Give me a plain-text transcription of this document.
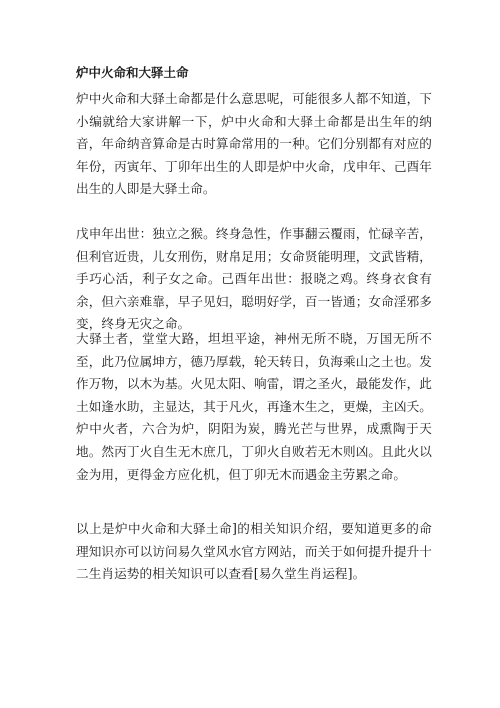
炉中火命和大驿土命

炉中火命和大驿土命都是什么意思呢，可能很多人都不知道，下小编就给大家讲解一下，炉中火命和大驿土命都是出生年的纳音，年命纳音算命是古时算命常用的一种。它们分别都有对应的年份，丙寅年、丁卯年出生的人即是炉中火命，戊申年、己酉年出生的人即是大驿土命。

戊申年出世：独立之猴。终身急性，作事翻云覆雨，忙碌辛苦，但利官近贵，儿女刑伤，财帛足用；女命贤能明理，文武皆精，手巧心活，利子女之命。己酉年出世：报晓之鸡。终身衣食有余，但六亲难靠，早子见妇，聪明好学，百一皆通；女命淫邪多变，终身无灾之命。

大驿土者，堂堂大路，坦坦平途，神州无所不晓，万国无所不至，此乃位属坤方，德乃厚载，轮天转日，负海乘山之土也。发作万物，以木为基。火见太阳、响雷，谓之圣火，最能发作，此土如逢水助，主显达，其于凡火，再逢木生之，更燥，主凶夭。炉中火者，六合为炉，阴阳为炭，腾光芒与世界，成熏陶于天地。然丙丁火自生无木庶几，丁卯火自败若无木则凶。且此火以金为用，更得金方应化机，但丁卯无木而遇金主劳累之命。

以上是炉中火命和大驿土命]的相关知识介绍，要知道更多的命理知识亦可以访问易久堂风水官方网站，而关于如何提升提升十二生肖运势的相关知识可以查看[易久堂生肖运程]。
